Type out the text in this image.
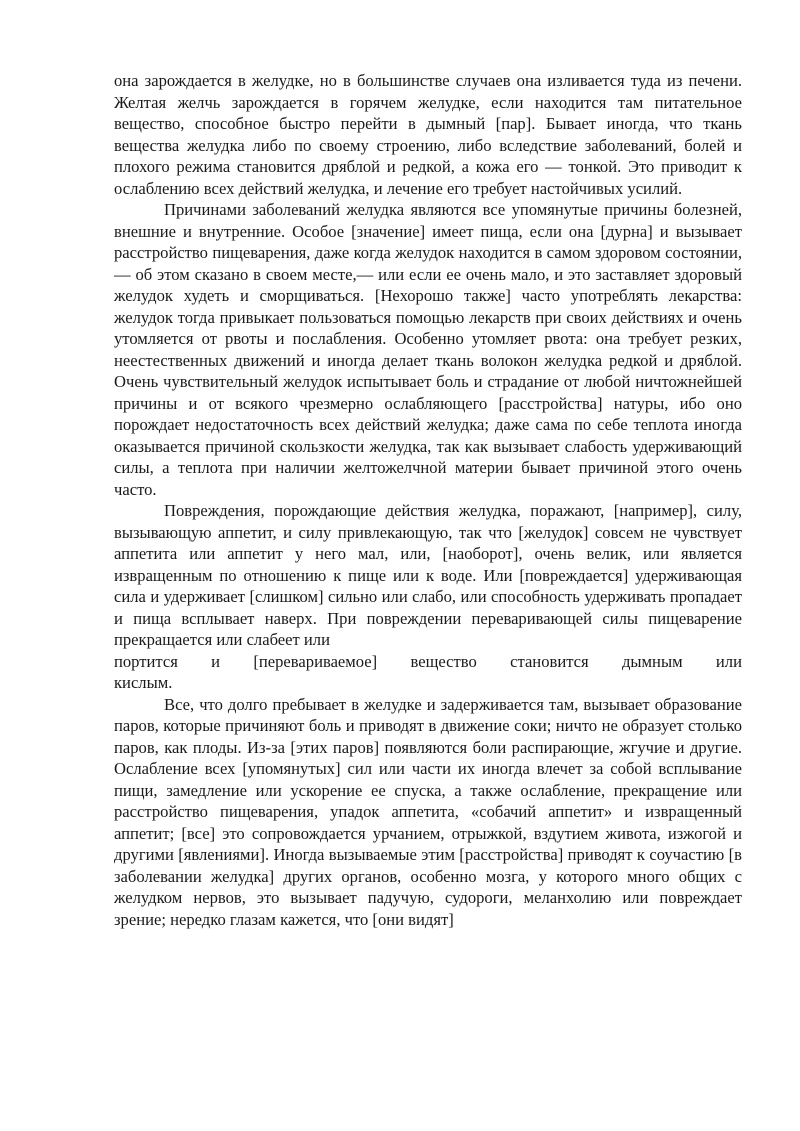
она зарождается в желудке, но в большинстве случаев она изливается туда из печени. Желтая желчь зарождается в горячем желудке, если находится там питательное вещество, способное быстро перейти в дымный [пар]. Бывает иногда, что ткань вещества желудка либо по своему строению, либо вследствие заболеваний, болей и плохого режима становится дряблой и редкой, а кожа его — тонкой. Это приводит к ослаблению всех действий желудка, и лечение его требует настойчивых усилий.

Причинами заболеваний желудка являются все упомянутые причины болезней, внешние и внутренние. Особое [значение] имеет пища, если она [дурна] и вызывает расстройство пищеварения, даже когда желудок находится в самом здоровом состоянии,— об этом сказано в своем месте,— или если ее очень мало, и это заставляет здоровый желудок худеть и сморщиваться. [Нехорошо также] часто употреблять лекарства: желудок тогда привыкает пользоваться помощью лекарств при своих действиях и очень утомляется от рвоты и послабления. Особенно утомляет рвота: она требует резких, неестественных движений и иногда делает ткань волокон желудка редкой и дряблой. Очень чувствительный желудок испытывает боль и страдание от любой ничтожнейшей причины и от всякого чрезмерно ослабляющего [расстройства] натуры, ибо оно порождает недостаточность всех действий желудка; даже сама по себе теплота иногда оказывается причиной скользкости желудка, так как вызывает слабость удерживающий силы, а теплота при наличии желтожелчной материи бывает причиной этого очень часто.

Повреждения, порождающие действия желудка, поражают, [например], силу, вызывающую аппетит, и силу привлекающую, так что [желудок] совсем не чувствует аппетита или аппетит у него мал, или, [наоборот], очень велик, или является извращенным по отношению к пище или к воде. Или [повреждается] удерживающая сила и удерживает [слишком] сильно или слабо, или способность удерживать пропадает и пища всплывает наверх. При повреждении переваривающей силы пищеварение прекращается или слабеет или

портится и [перевариваемое] вещество становится дымным или

кислым.

Все, что долго пребывает в желудке и задерживается там, вызывает образование паров, которые причиняют боль и приводят в движение соки; ничто не образует столько паров, как плоды. Из-за [этих паров] появляются боли распирающие, жгучие и другие. Ослабление всех [упомянутых] сил или части их иногда влечет за собой всплывание пищи, замедление или ускорение ее спуска, а также ослабление, прекращение или расстройство пищеварения, упадок аппетита, «собачий аппетит» и извращенный аппетит; [все] это сопровождается урчанием, отрыжкой, вздутием живота, изжогой и другими [явлениями]. Иногда вызываемые этим [расстройства] приводят к соучастию [в заболевании желудка] других органов, особенно мозга, у которого много общих с желудком нервов, это вызывает падучую, судороги, меланхолию или повреждает зрение; нередко глазам кажется, что [они видят]
